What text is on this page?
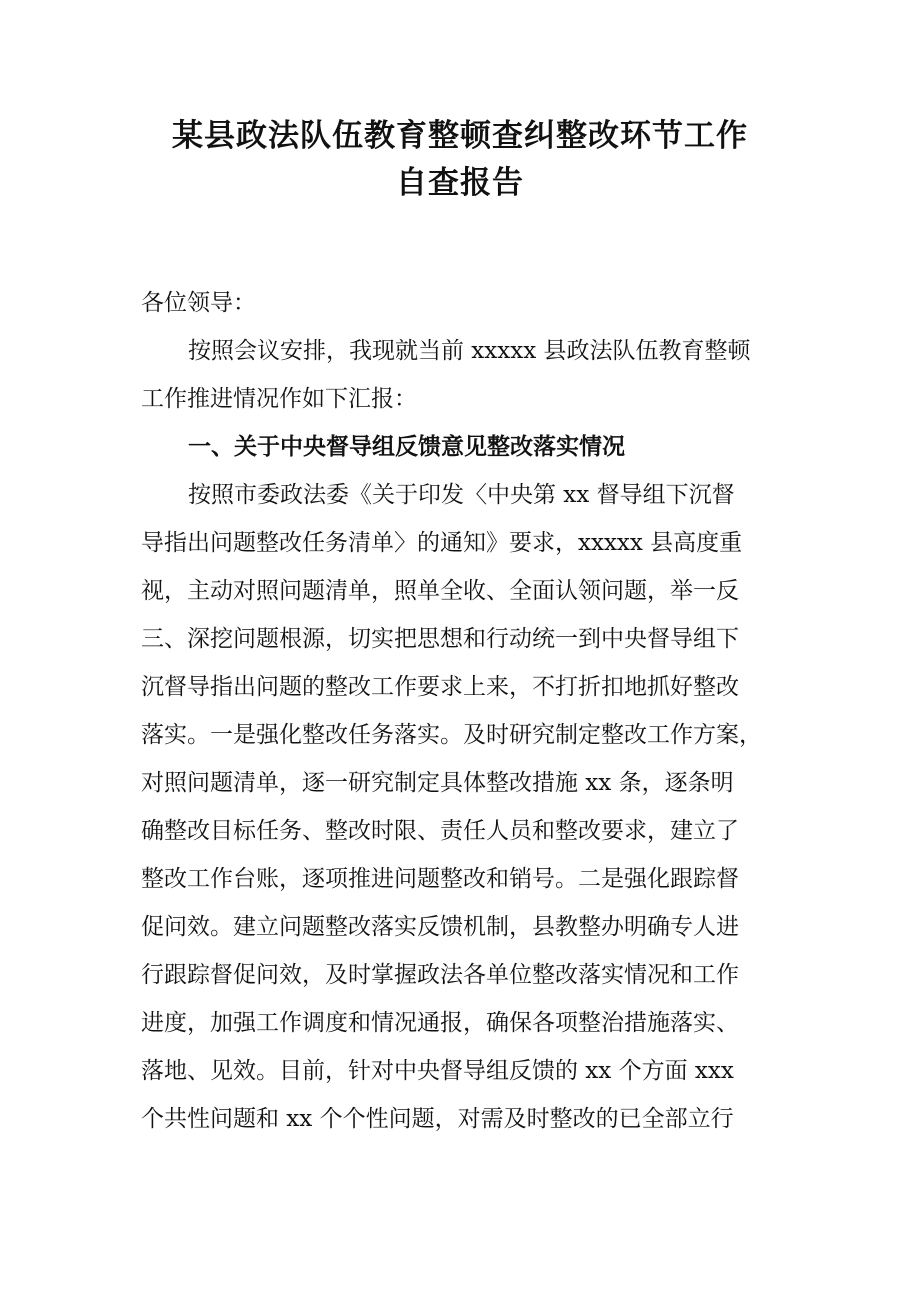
某县政法队伍教育整顿查纠整改环节工作
自查报告
各位领导：
按照会议安排，我现就当前 xxxxx 县政法队伍教育整顿
工作推进情况作如下汇报：
一、关于中央督导组反馈意见整改落实情况
按照市委政法委《关于印发〈中央第 xx 督导组下沉督
导指出问题整改任务清单〉的通知》要求，xxxxx 县高度重
视，主动对照问题清单，照单全收、全面认领问题，举一反
三、深挖问题根源，切实把思想和行动统一到中央督导组下
沉督导指出问题的整改工作要求上来，不打折扣地抓好整改
落实。一是强化整改任务落实。及时研究制定整改工作方案，
对照问题清单，逐一研究制定具体整改措施 xx 条，逐条明
确整改目标任务、整改时限、责任人员和整改要求，建立了
整改工作台账，逐项推进问题整改和销号。二是强化跟踪督
促问效。建立问题整改落实反馈机制，县教整办明确专人进
行跟踪督促问效，及时掌握政法各单位整改落实情况和工作
进度，加强工作调度和情况通报，确保各项整治措施落实、
落地、见效。目前，针对中央督导组反馈的 xx 个方面 xxx
个共性问题和 xx 个个性问题，对需及时整改的已全部立行
